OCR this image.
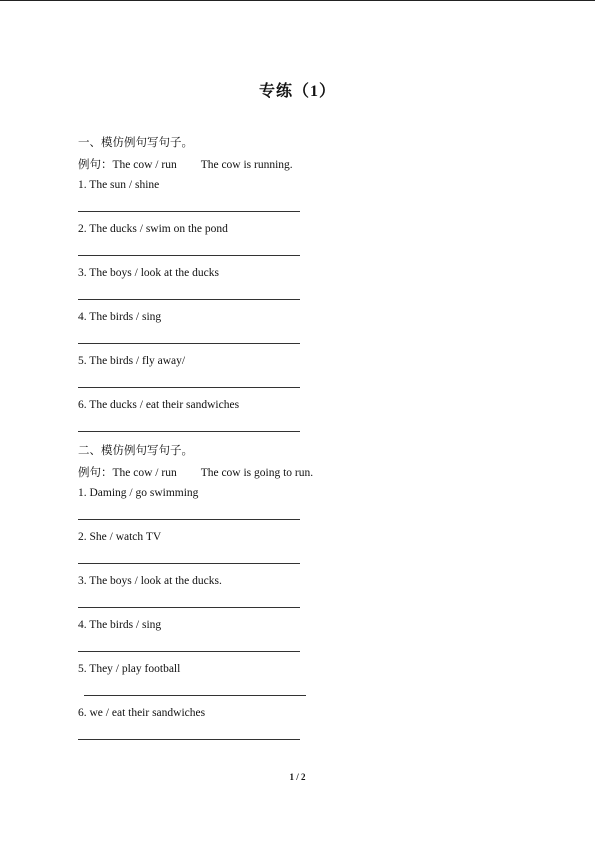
专练（1）
一、模仿例句写句子。
例句：The cow / run The cow is running.
1. The sun / shine
2. The ducks / swim on the pond
3. The boys / look at the ducks
4. The birds / sing
5. The birds / fly away/
6. The ducks / eat their sandwiches
二、模仿例句写句子。
例句：The cow / run The cow is going to run.
1. Daming / go swimming
2. She / watch TV
3. The boys / look at the ducks.
4. The birds / sing
5. They / play football
6. we / eat their sandwiches
1 / 2
